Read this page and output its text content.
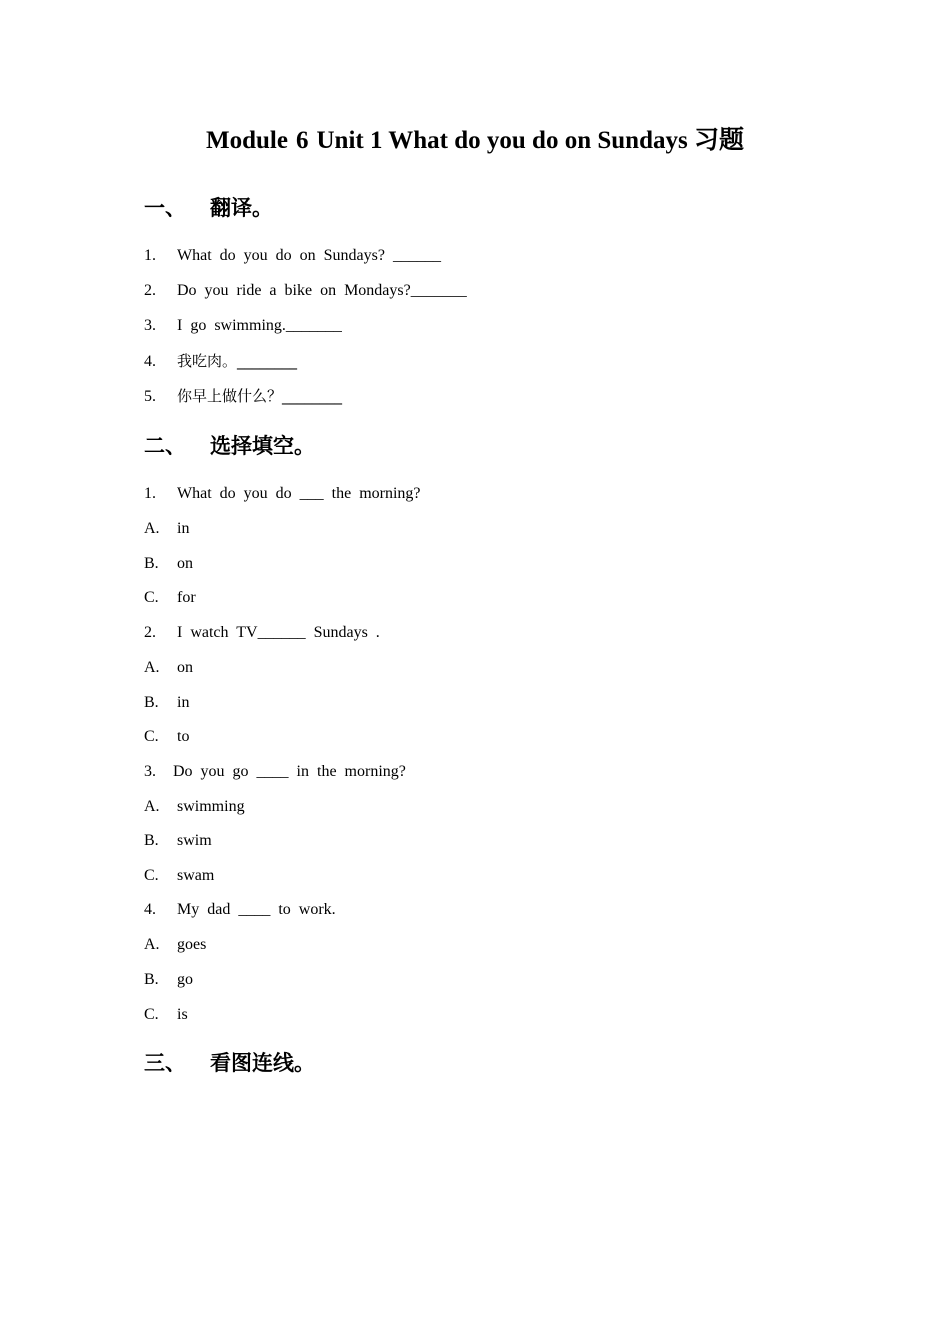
Module 6 Unit 1 What do you do on Sundays 习题
一、 翻译。
1. What do you do on Sundays? ______
2. Do you ride a bike on Mondays?_______
3. I go swimming._______
4. 我吃肉。________
5. 你早上做什么？________
二、 选择填空。
1. What do you do ___ the morning?
A. in
B. on
C. for
2. I watch TV______ Sundays .
A. on
B. in
C. to
3. Do you go ____ in the morning?
A. swimming
B. swim
C. swam
4. My dad ____ to work.
A. goes
B. go
C. is
三、 看图连线。
